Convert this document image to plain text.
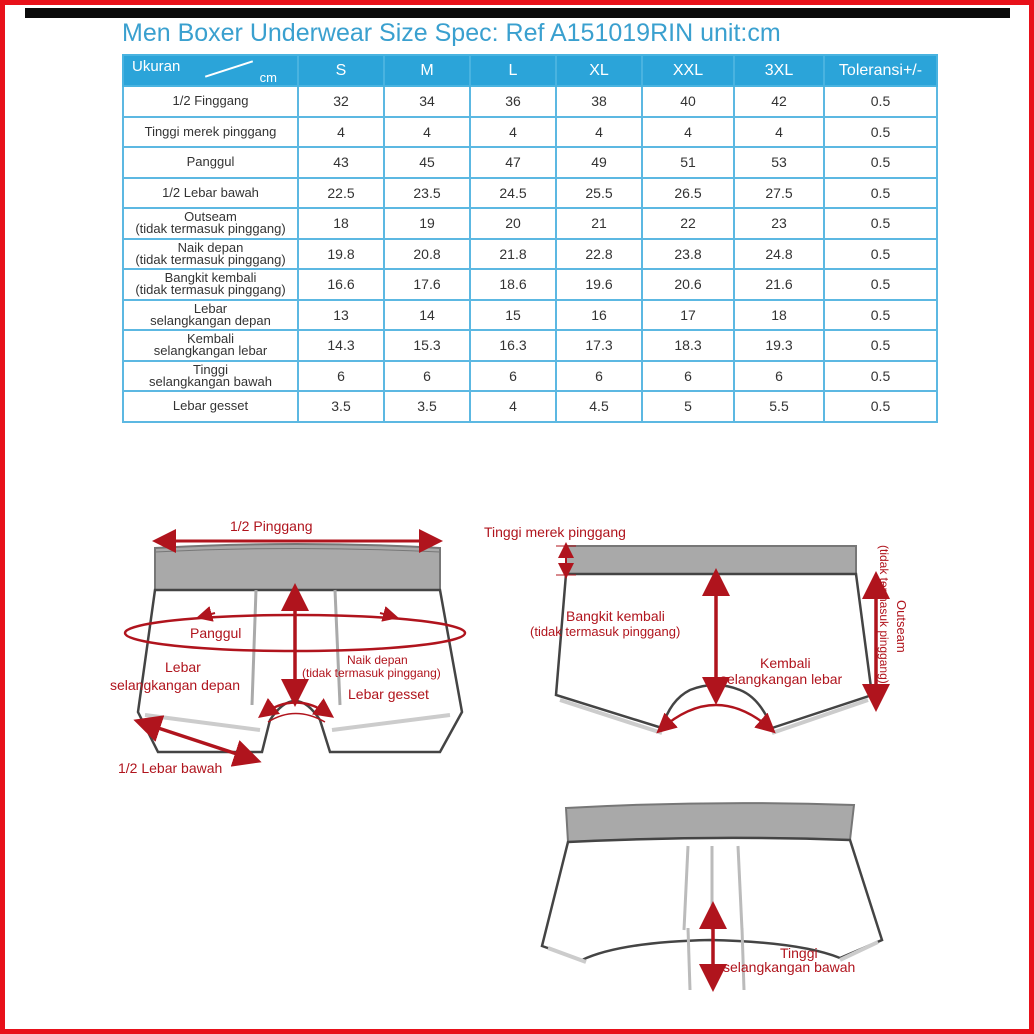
Men Boxer Underwear Size Spec: Ref A151019RIN unit:cm
Ukuran
cm	S	M	L	XL	XXL	3XL	Toleransi+/-

1/2 Finggang	32	34	36	38	40	42	0.5

Tinggi merek pinggang	4	4	4	4	4	4	0.5

Panggul	43	45	47	49	51	53	0.5

1/2 Lebar bawah	22.5	23.5	24.5	25.5	26.5	27.5	0.5

Outseam
(tidak termasuk pinggang)	18	19	20	21	22	23	0.5

Naik depan
(tidak termasuk pinggang)	19.8	20.8	21.8	22.8	23.8	24.8	0.5

Bangkit kembali
(tidak termasuk pinggang)	16.6	17.6	18.6	19.6	20.6	21.6	0.5

Lebar
selangkangan depan	13	14	15	16	17	18	0.5

Kembali
selangkangan lebar	14.3	15.3	16.3	17.3	18.3	19.3	0.5

Tinggi
selangkangan bawah	6	6	6	6	6	6	0.5

Lebar gesset	3.5	3.5	4	4.5	5	5.5	0.5
1/2 Pinggang
Panggul
Lebar
selangkangan depan
Naik depan
(tidak termasuk pinggang)
Lebar gesset
1/2 Lebar bawah
Tinggi merek pinggang
Bangkit kembali
(tidak termasuk pinggang)
Kembali
selangkangan lebar
Outseam
(tidak termasuk pinggang)
Tinggi
selangkangan bawah
